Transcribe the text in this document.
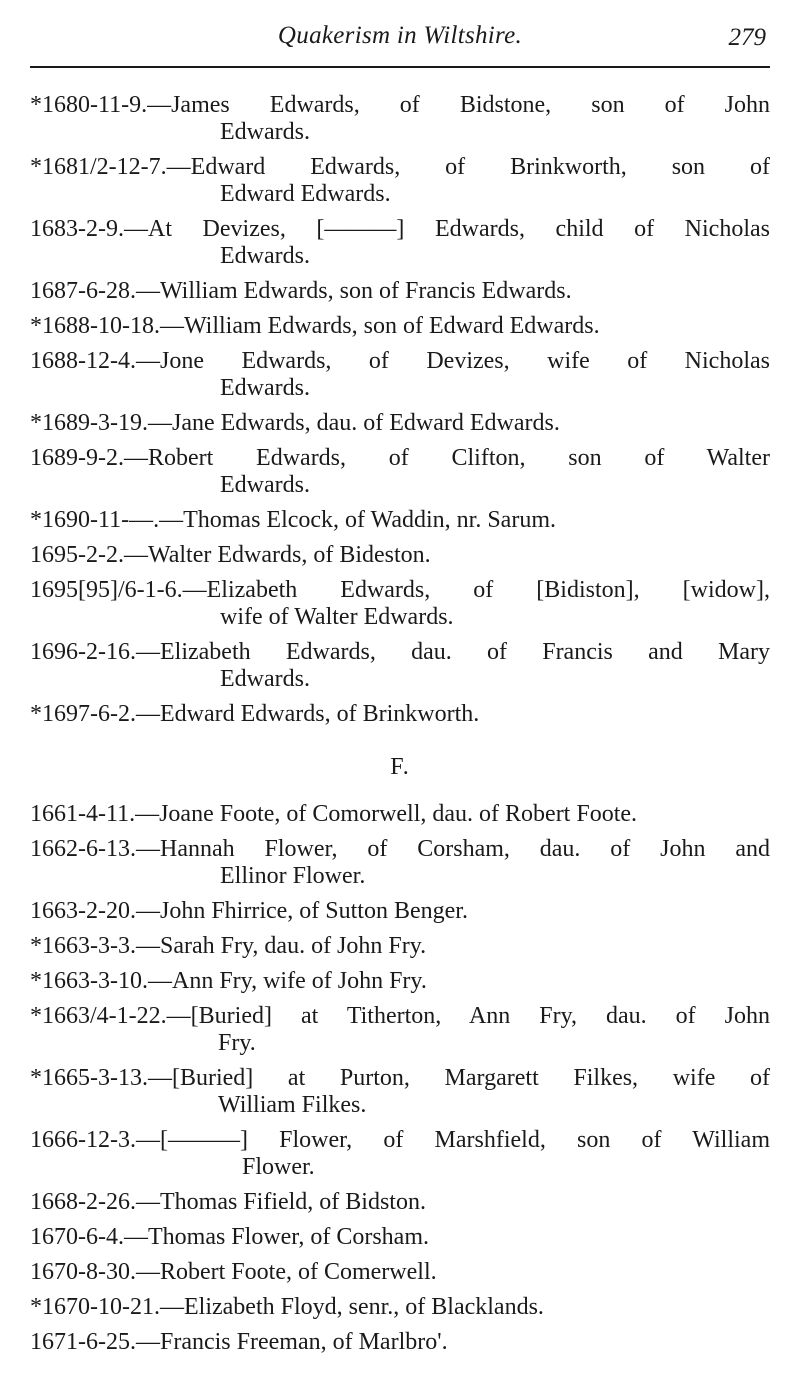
Quakerism in Wiltshire.	279
*1680-11-9.—James Edwards, of Bidstone, son of John
Edwards.
*1681/2-12-7.—Edward Edwards, of Brinkworth, son of
Edward Edwards.
1683-2-9.—At Devizes, [———] Edwards, child of Nicholas
Edwards.
1687-6-28.—William Edwards, son of Francis Edwards.
*1688-10-18.—William Edwards, son of Edward Edwards.
1688-12-4.—Jone Edwards, of Devizes, wife of Nicholas
Edwards.
*1689-3-19.—Jane Edwards, dau. of Edward Edwards.
1689-9-2.—Robert Edwards, of Clifton, son of Walter
Edwards.
*1690-11-—.—Thomas Elcock, of Waddin, nr. Sarum.
1695-2-2.—Walter Edwards, of Bideston.
1695[95]/6-1-6.—Elizabeth Edwards, of [Bidiston], [widow],
wife of Walter Edwards.
1696-2-16.—Elizabeth Edwards, dau. of Francis and Mary
Edwards.
*1697-6-2.—Edward Edwards, of Brinkworth.
F.
1661-4-11.—Joane Foote, of Comorwell, dau. of Robert Foote.
1662-6-13.—Hannah Flower, of Corsham, dau. of John and
Ellinor Flower.
1663-2-20.—John Fhirrice, of Sutton Benger.
*1663-3-3.—Sarah Fry, dau. of John Fry.
*1663-3-10.—Ann Fry, wife of John Fry.
*1663/4-1-22.—[Buried] at Titherton, Ann Fry, dau. of John
Fry.
*1665-3-13.—[Buried] at Purton, Margarett Filkes, wife of
William Filkes.
1666-12-3.—[———] Flower, of Marshfield, son of William
Flower.
1668-2-26.—Thomas Fifield, of Bidston.
1670-6-4.—Thomas Flower, of Corsham.
1670-8-30.—Robert Foote, of Comerwell.
*1670-10-21.—Elizabeth Floyd, senr., of Blacklands.
1671-6-25.—Francis Freeman, of Marlbro'.
